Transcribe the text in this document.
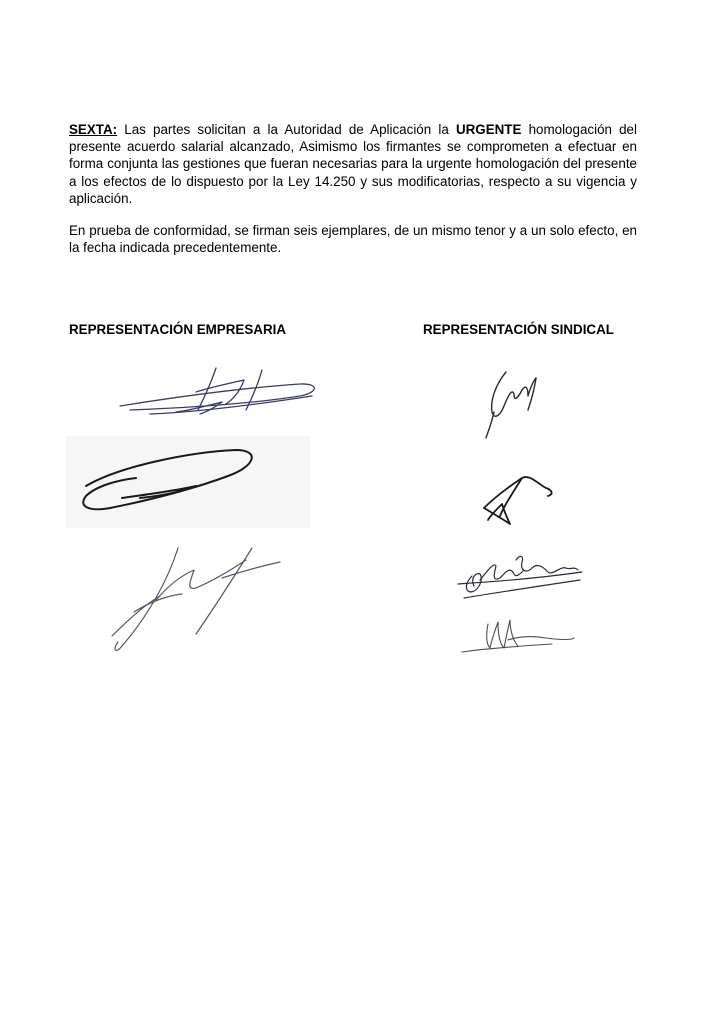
SEXTA: Las partes solicitan a la Autoridad de Aplicación la URGENTE homologación del presente acuerdo salarial alcanzado, Asimismo los firmantes se comprometen a efectuar en forma conjunta las gestiones que fueran necesarias para la urgente homologación del presente a los efectos de lo dispuesto por la Ley 14.250 y sus modificatorias, respecto a su vigencia y aplicación.

En prueba de conformidad, se firman seis ejemplares, de un mismo tenor y a un solo efecto, en la fecha indicada precedentemente.

REPRESENTACIÓN EMPRESARIA	REPRESENTACIÓN SINDICAL
